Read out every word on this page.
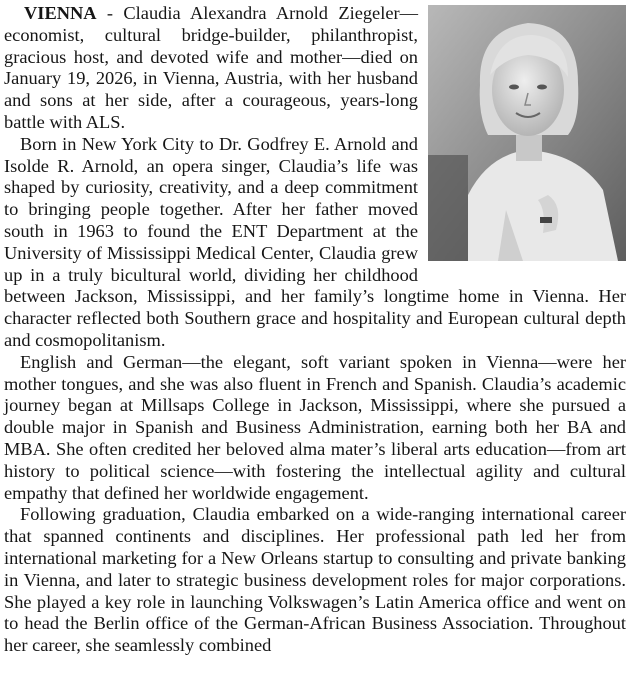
VIENNA - Claudia Alexandra Arnold Ziegeler—economist, cultural bridge-builder, philanthropist, gracious host, and devoted wife and mother—died on January 19, 2026, in Vienna, Austria, with her husband and sons at her side, after a courageous, years-long battle with ALS.

Born in New York City to Dr. Godfrey E. Arnold and Isolde R. Arnold, an opera singer, Claudia’s life was shaped by curiosity, creativity, and a deep commitment to bringing people together. After her father moved south in 1963 to found the ENT Department at the University of Mississippi Medical Center, Claudia grew up in a truly bicultural world, dividing her childhood between Jackson, Mississippi, and her family’s longtime home in Vienna. Her character reflected both Southern grace and hospitality and European cultural depth and cosmopolitanism.

English and German—the elegant, soft variant spoken in Vienna—were her mother tongues, and she was also fluent in French and Spanish. Claudia’s academic journey began at Millsaps College in Jackson, Mississippi, where she pursued a double major in Spanish and Business Administration, earning both her BA and MBA. She often credited her beloved alma mater’s liberal arts education—from art history to political science—with fostering the intellectual agility and cultural empathy that defined her worldwide engagement.

Following graduation, Claudia embarked on a wide-ranging international career that spanned continents and disciplines. Her professional path led her from international marketing for a New Orleans startup to consulting and private banking in Vienna, and later to strategic business development roles for major corporations. She played a key role in launching Volkswagen’s Latin America office and went on to head the Berlin office of the German-African Business Association. Throughout her career, she seamlessly combined
